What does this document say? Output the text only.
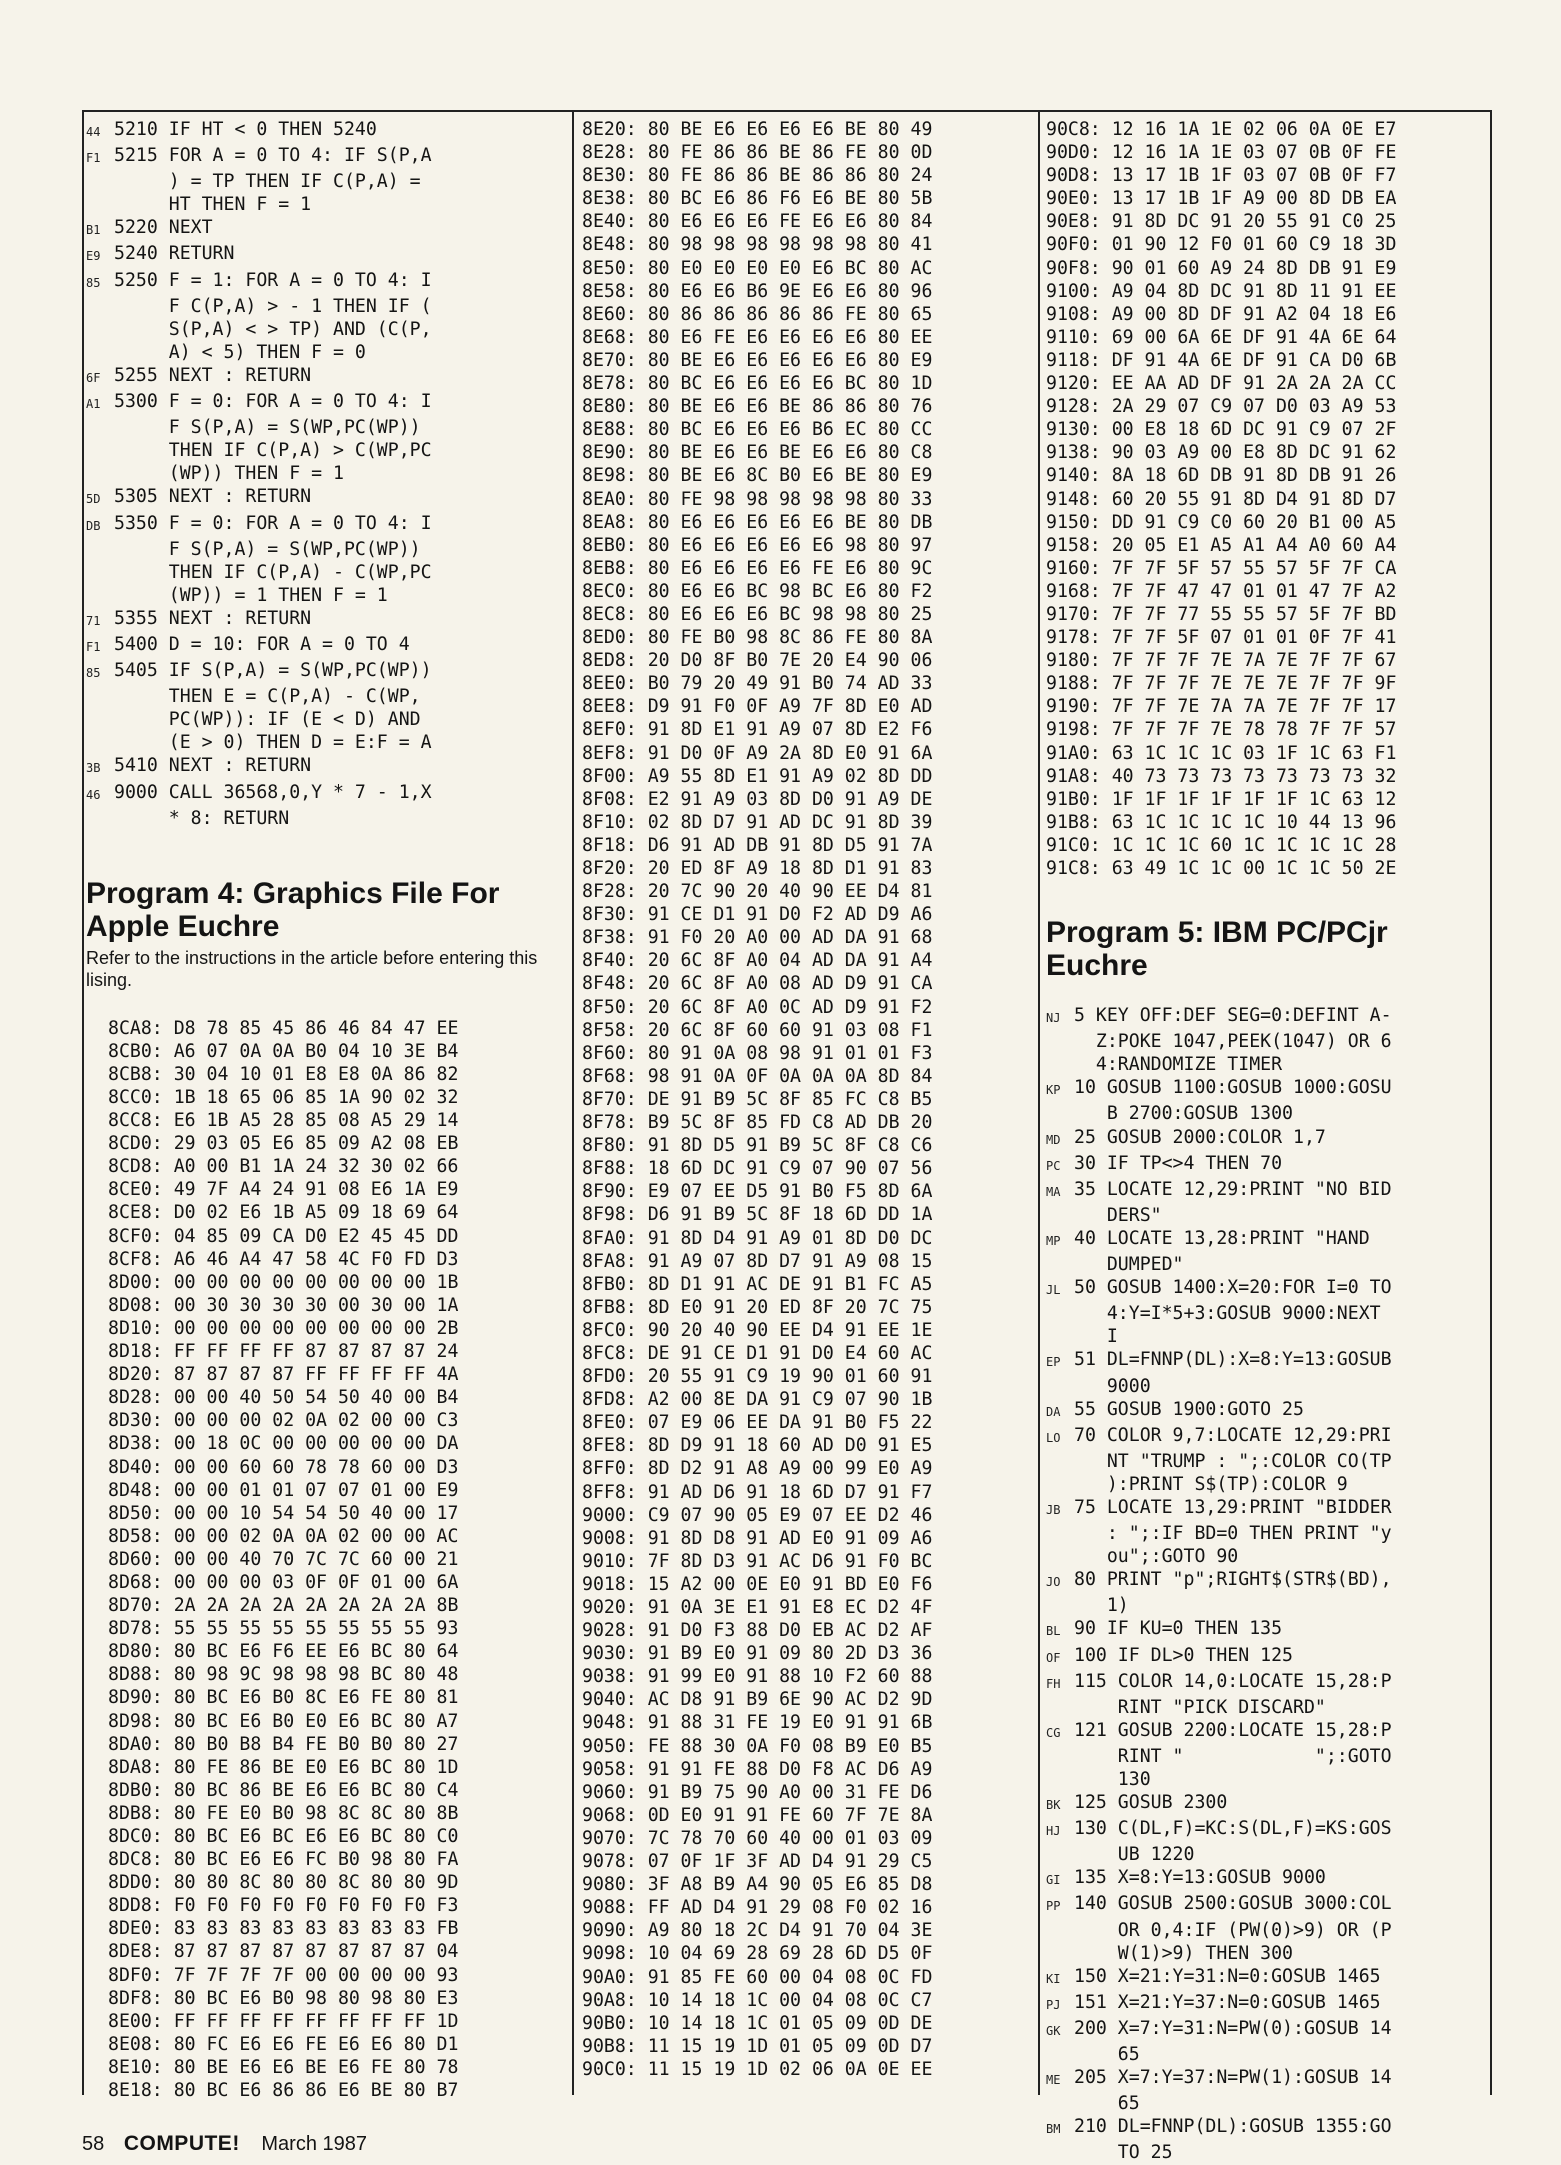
44 5210 IF HT < 0 THEN 5240
F1 5215 FOR A = 0 TO 4: IF S(P,A
) = TP THEN IF C(P,A) =
HT THEN F = 1
B1 5220 NEXT
E9 5240 RETURN
85 5250 F = 1: FOR A = 0 TO 4: I
F C(P,A) > - 1 THEN IF (
S(P,A) < > TP) AND (C(P,
A) < 5) THEN F = 0
6F 5255 NEXT : RETURN
A1 5300 F = 0: FOR A = 0 TO 4: I
F S(P,A) = S(WP,PC(WP))
THEN IF C(P,A) > C(WP,PC
(WP)) THEN F = 1
5D 5305 NEXT : RETURN
DB 5350 F = 0: FOR A = 0 TO 4: I
F S(P,A) = S(WP,PC(WP))
THEN IF C(P,A) - C(WP,PC
(WP)) = 1 THEN F = 1
71 5355 NEXT : RETURN
F1 5400 D = 10: FOR A = 0 TO 4
85 5405 IF S(P,A) = S(WP,PC(WP))
THEN E = C(P,A) - C(WP,
PC(WP)): IF (E < D) AND
(E > 0) THEN D = E:F = A
3B 5410 NEXT : RETURN
46 9000 CALL 36568,0,Y * 7 - 1,X
* 8: RETURN
Program 4: Graphics File For Apple Euchre

Refer to the instructions in the article before entering this lising.

8CA8: D8 78 85 45 86 46 84 47 EE
8CB0: A6 07 0A 0A B0 04 10 3E B4
8CB8: 30 04 10 01 E8 E8 0A 86 82
8CC0: 1B 18 65 06 85 1A 90 02 32
8CC8: E6 1B A5 28 85 08 A5 29 14
8CD0: 29 03 05 E6 85 09 A2 08 EB
8CD8: A0 00 B1 1A 24 32 30 02 66
8CE0: 49 7F A4 24 91 08 E6 1A E9
8CE8: D0 02 E6 1B A5 09 18 69 64
8CF0: 04 85 09 CA D0 E2 45 45 DD
8CF8: A6 46 A4 47 58 4C F0 FD D3
8D00: 00 00 00 00 00 00 00 00 1B
8D08: 00 30 30 30 30 00 30 00 1A
8D10: 00 00 00 00 00 00 00 00 2B
8D18: FF FF FF FF 87 87 87 87 24
8D20: 87 87 87 87 FF FF FF FF 4A
8D28: 00 00 40 50 54 50 40 00 B4
8D30: 00 00 00 02 0A 02 00 00 C3
8D38: 00 18 0C 00 00 00 00 00 DA
8D40: 00 00 60 60 78 78 60 00 D3
8D48: 00 00 01 01 07 07 01 00 E9
8D50: 00 00 10 54 54 50 40 00 17
8D58: 00 00 02 0A 0A 02 00 00 AC
8D60: 00 00 40 70 7C 7C 60 00 21
8D68: 00 00 00 03 0F 0F 01 00 6A
8D70: 2A 2A 2A 2A 2A 2A 2A 2A 8B
8D78: 55 55 55 55 55 55 55 55 93
8D80: 80 BC E6 F6 EE E6 BC 80 64
8D88: 80 98 9C 98 98 98 BC 80 48
8D90: 80 BC E6 B0 8C E6 FE 80 81
8D98: 80 BC E6 B0 E0 E6 BC 80 A7
8DA0: 80 B0 B8 B4 FE B0 B0 80 27
8DA8: 80 FE 86 BE E0 E6 BC 80 1D
8DB0: 80 BC 86 BE E6 E6 BC 80 C4
8DB8: 80 FE E0 B0 98 8C 8C 80 8B
8DC0: 80 BC E6 BC E6 E6 BC 80 C0
8DC8: 80 BC E6 E6 FC B0 98 80 FA
8DD0: 80 80 8C 80 80 8C 80 80 9D
8DD8: F0 F0 F0 F0 F0 F0 F0 F0 F3
8DE0: 83 83 83 83 83 83 83 83 FB
8DE8: 87 87 87 87 87 87 87 87 04
8DF0: 7F 7F 7F 7F 00 00 00 00 93
8DF8: 80 BC E6 B0 98 80 98 80 E3
8E00: FF FF FF FF FF FF FF FF 1D
8E08: 80 FC E6 E6 FE E6 E6 80 D1
8E10: 80 BE E6 E6 BE E6 FE 80 78
8E18: 80 BC E6 86 86 E6 BE 80 B7
8E20: 80 BE E6 E6 E6 E6 BE 80 49
8E28: 80 FE 86 86 BE 86 FE 80 0D
8E30: 80 FE 86 86 BE 86 86 80 24
8E38: 80 BC E6 86 F6 E6 BE 80 5B
8E40: 80 E6 E6 E6 FE E6 E6 80 84
8E48: 80 98 98 98 98 98 98 80 41
8E50: 80 E0 E0 E0 E0 E6 BC 80 AC
8E58: 80 E6 E6 B6 9E E6 E6 80 96
8E60: 80 86 86 86 86 86 FE 80 65
8E68: 80 E6 FE E6 E6 E6 E6 80 EE
8E70: 80 BE E6 E6 E6 E6 E6 80 E9
8E78: 80 BC E6 E6 E6 E6 BC 80 1D
8E80: 80 BE E6 E6 BE 86 86 80 76
8E88: 80 BC E6 E6 E6 B6 EC 80 CC
8E90: 80 BE E6 E6 BE E6 E6 80 C8
8E98: 80 BE E6 8C B0 E6 BE 80 E9
8EA0: 80 FE 98 98 98 98 98 80 33
8EA8: 80 E6 E6 E6 E6 E6 BE 80 DB
8EB0: 80 E6 E6 E6 E6 E6 98 80 97
8EB8: 80 E6 E6 E6 E6 FE E6 80 9C
8EC0: 80 E6 E6 BC 98 BC E6 80 F2
8EC8: 80 E6 E6 E6 BC 98 98 80 25
8ED0: 80 FE B0 98 8C 86 FE 80 8A
8ED8: 20 D0 8F B0 7E 20 E4 90 06
8EE0: B0 79 20 49 91 B0 74 AD 33
8EE8: D9 91 F0 0F A9 7F 8D E0 AD
8EF0: 91 8D E1 91 A9 07 8D E2 F6
8EF8: 91 D0 0F A9 2A 8D E0 91 6A
8F00: A9 55 8D E1 91 A9 02 8D DD
8F08: E2 91 A9 03 8D D0 91 A9 DE
8F10: 02 8D D7 91 AD DC 91 8D 39
8F18: D6 91 AD DB 91 8D D5 91 7A
8F20: 20 ED 8F A9 18 8D D1 91 83
8F28: 20 7C 90 20 40 90 EE D4 81
8F30: 91 CE D1 91 D0 F2 AD D9 A6
8F38: 91 F0 20 A0 00 AD DA 91 68
8F40: 20 6C 8F A0 04 AD DA 91 A4
8F48: 20 6C 8F A0 08 AD D9 91 CA
8F50: 20 6C 8F A0 0C AD D9 91 F2
8F58: 20 6C 8F 60 60 91 03 08 F1
8F60: 80 91 0A 08 98 91 01 01 F3
8F68: 98 91 0A 0F 0A 0A 0A 8D 84
8F70: DE 91 B9 5C 8F 85 FC C8 B5
8F78: B9 5C 8F 85 FD C8 AD DB 20
8F80: 91 8D D5 91 B9 5C 8F C8 C6
8F88: 18 6D DC 91 C9 07 90 07 56
8F90: E9 07 EE D5 91 B0 F5 8D 6A
8F98: D6 91 B9 5C 8F 18 6D DD 1A
8FA0: 91 8D D4 91 A9 01 8D D0 DC
8FA8: 91 A9 07 8D D7 91 A9 08 15
8FB0: 8D D1 91 AC DE 91 B1 FC A5
8FB8: 8D E0 91 20 ED 8F 20 7C 75
8FC0: 90 20 40 90 EE D4 91 EE 1E
8FC8: DE 91 CE D1 91 D0 E4 60 AC
8FD0: 20 55 91 C9 19 90 01 60 91
8FD8: A2 00 8E DA 91 C9 07 90 1B
8FE0: 07 E9 06 EE DA 91 B0 F5 22
8FE8: 8D D9 91 18 60 AD D0 91 E5
8FF0: 8D D2 91 A8 A9 00 99 E0 A9
8FF8: 91 AD D6 91 18 6D D7 91 F7
9000: C9 07 90 05 E9 07 EE D2 46
9008: 91 8D D8 91 AD E0 91 09 A6
9010: 7F 8D D3 91 AC D6 91 F0 BC
9018: 15 A2 00 0E E0 91 BD E0 F6
9020: 91 0A 3E E1 91 E8 EC D2 4F
9028: 91 D0 F3 88 D0 EB AC D2 AF
9030: 91 B9 E0 91 09 80 2D D3 36
9038: 91 99 E0 91 88 10 F2 60 88
9040: AC D8 91 B9 6E 90 AC D2 9D
9048: 91 88 31 FE 19 E0 91 91 6B
9050: FE 88 30 0A F0 08 B9 E0 B5
9058: 91 91 FE 88 D0 F8 AC D6 A9
9060: 91 B9 75 90 A0 00 31 FE D6
9068: 0D E0 91 91 FE 60 7F 7E 8A
9070: 7C 78 70 60 40 00 01 03 09
9078: 07 0F 1F 3F AD D4 91 29 C5
9080: 3F A8 B9 A4 90 05 E6 85 D8
9088: FF AD D4 91 29 08 F0 02 16
9090: A9 80 18 2C D4 91 70 04 3E
9098: 10 04 69 28 69 28 6D D5 0F
90A0: 91 85 FE 60 00 04 08 0C FD
90A8: 10 14 18 1C 00 04 08 0C C7
90B0: 10 14 18 1C 01 05 09 0D DE
90B8: 11 15 19 1D 01 05 09 0D D7
90C0: 11 15 19 1D 02 06 0A 0E EE
90C8: 12 16 1A 1E 02 06 0A 0E E7
90D0: 12 16 1A 1E 03 07 0B 0F FE
90D8: 13 17 1B 1F 03 07 0B 0F F7
90E0: 13 17 1B 1F A9 00 8D DB EA
90E8: 91 8D DC 91 20 55 91 C0 25
90F0: 01 90 12 F0 01 60 C9 18 3D
90F8: 90 01 60 A9 24 8D DB 91 E9
9100: A9 04 8D DC 91 8D 11 91 EE
9108: A9 00 8D DF 91 A2 04 18 E6
9110: 69 00 6A 6E DF 91 4A 6E 64
9118: DF 91 4A 6E DF 91 CA D0 6B
9120: EE AA AD DF 91 2A 2A 2A CC
9128: 2A 29 07 C9 07 D0 03 A9 53
9130: 00 E8 18 6D DC 91 C9 07 2F
9138: 90 03 A9 00 E8 8D DC 91 62
9140: 8A 18 6D DB 91 8D DB 91 26
9148: 60 20 55 91 8D D4 91 8D D7
9150: DD 91 C9 C0 60 20 B1 00 A5
9158: 20 05 E1 A5 A1 A4 A0 60 A4
9160: 7F 7F 5F 57 55 57 5F 7F CA
9168: 7F 7F 47 47 01 01 47 7F A2
9170: 7F 7F 77 55 55 57 5F 7F BD
9178: 7F 7F 5F 07 01 01 0F 7F 41
9180: 7F 7F 7F 7E 7A 7E 7F 7F 67
9188: 7F 7F 7F 7E 7E 7E 7F 7F 9F
9190: 7F 7F 7E 7A 7A 7E 7F 7F 17
9198: 7F 7F 7F 7E 78 78 7F 7F 57
91A0: 63 1C 1C 1C 03 1F 1C 63 F1
91A8: 40 73 73 73 73 73 73 73 32
91B0: 1F 1F 1F 1F 1F 1F 1C 63 12
91B8: 63 1C 1C 1C 1C 10 44 13 96
91C0: 1C 1C 1C 60 1C 1C 1C 1C 28
91C8: 63 49 1C 1C 00 1C 1C 50 2E
Program 5: IBM PC/PCjr Euchre
NJ 5 KEY OFF:DEF SEG=0:DEFINT A-
Z:POKE 1047,PEEK(1047) OR 6
4:RANDOMIZE TIMER
KP 10 GOSUB 1100:GOSUB 1000:GOSU
B 2700:GOSUB 1300
MD 25 GOSUB 2000:COLOR 1,7
PC 30 IF TP<>4 THEN 70
MA 35 LOCATE 12,29:PRINT "NO BID
DERS"
MP 40 LOCATE 13,28:PRINT "HAND
DUMPED"
JL 50 GOSUB 1400:X=20:FOR I=0 TO
4:Y=I*5+3:GOSUB 9000:NEXT
I
EP 51 DL=FNNP(DL):X=8:Y=13:GOSUB
9000
DA 55 GOSUB 1900:GOTO 25
LO 70 COLOR 9,7:LOCATE 12,29:PRI
NT "TRUMP : ";:COLOR CO(TP
):PRINT S$(TP):COLOR 9
JB 75 LOCATE 13,29:PRINT "BIDDER
: ";:IF BD=0 THEN PRINT "y
ou";:GOTO 90
JO 80 PRINT "p";RIGHT$(STR$(BD),
1)
BL 90 IF KU=0 THEN 135
OF 100 IF DL>0 THEN 125
FH 115 COLOR 14,0:LOCATE 15,28:P
RINT "PICK DISCARD"
CG 121 GOSUB 2200:LOCATE 15,28:P
RINT "            ";:GOTO
130
BK 125 GOSUB 2300
HJ 130 C(DL,F)=KC:S(DL,F)=KS:GOS
UB 1220
GI 135 X=8:Y=13:GOSUB 9000
PP 140 GOSUB 2500:GOSUB 3000:COL
OR 0,4:IF (PW(0)>9) OR (P
W(1)>9) THEN 300
KI 150 X=21:Y=31:N=0:GOSUB 1465
PJ 151 X=21:Y=37:N=0:GOSUB 1465
GK 200 X=7:Y=31:N=PW(0):GOSUB 14
65
ME 205 X=7:Y=37:N=PW(1):GOSUB 14
65
BM 210 DL=FNNP(DL):GOSUB 1355:GO
TO 25
58 COMPUTE! March 1987
